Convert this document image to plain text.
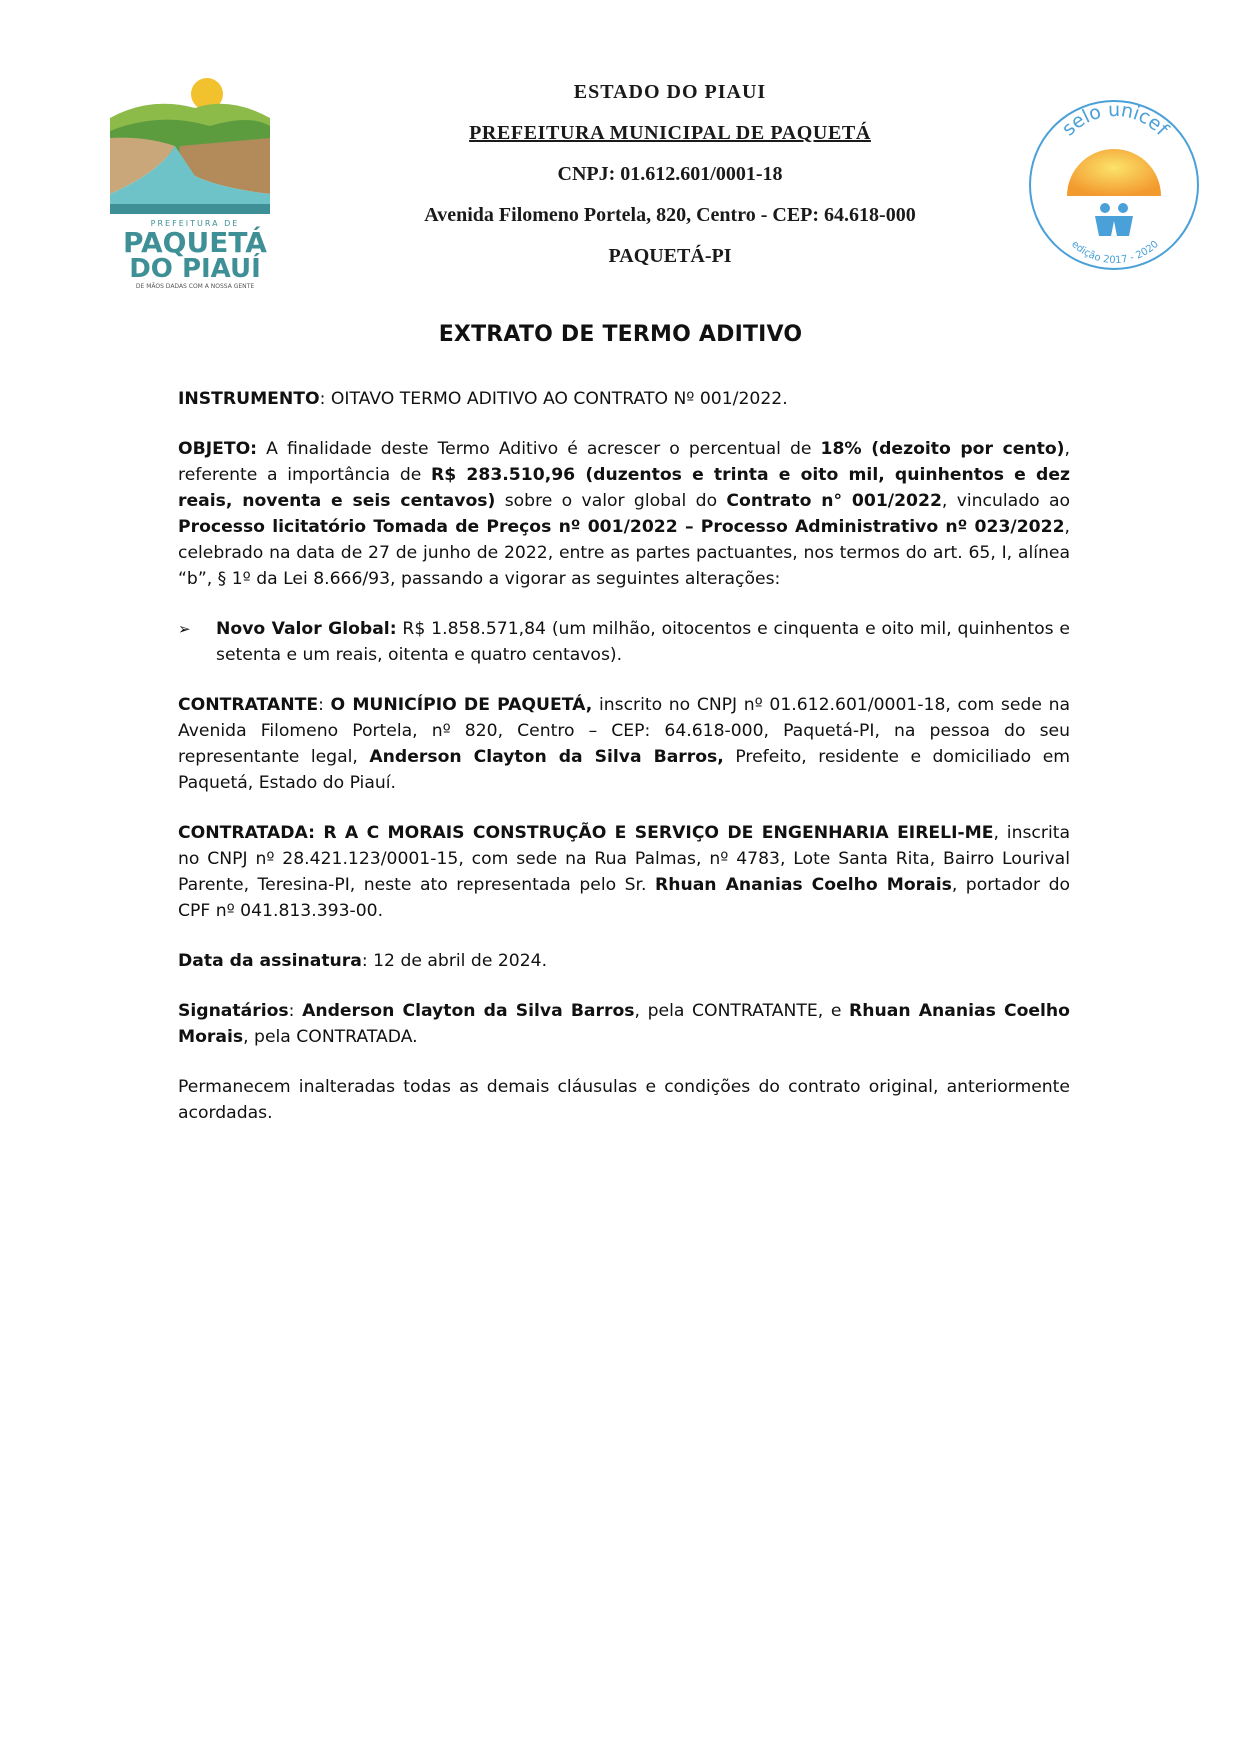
PREFEITURA DE
PAQUETÁ
DO PIAUÍ
DE MÃOS DADAS COM A NOSSA GENTE
ESTADO DO PIAUI
PREFEITURA MUNICIPAL DE PAQUETÁ
CNPJ: 01.612.601/0001-18
Avenida Filomeno Portela, 820, Centro - CEP: 64.618-000
PAQUETÁ-PI
selo unicef
edição 2017 - 2020
EXTRATO DE TERMO ADITIVO

INSTRUMENTO: OITAVO TERMO ADITIVO AO CONTRATO Nº 001/2022.

OBJETO: A finalidade deste Termo Aditivo é acrescer o percentual de 18% (dezoito por cento), referente a importância de R$ 283.510,96 (duzentos e trinta e oito mil, quinhentos e dez reais, noventa e seis centavos) sobre o valor global do Contrato n° 001/2022, vinculado ao Processo licitatório Tomada de Preços nº 001/2022 – Processo Administrativo nº 023/2022, celebrado na data de 27 de junho de 2022, entre as partes pactuantes, nos termos do art. 65, I, alínea “b”, § 1º da Lei 8.666/93, passando a vigorar as seguintes alterações:

➢	Novo Valor Global: R$ 1.858.571,84 (um milhão, oitocentos e cinquenta e oito mil, quinhentos e setenta e um reais, oitenta e quatro centavos).

CONTRATANTE: O MUNICÍPIO DE PAQUETÁ, inscrito no CNPJ nº 01.612.601/0001-18, com sede na Avenida Filomeno Portela, nº 820, Centro – CEP: 64.618-000, Paquetá-PI, na pessoa do seu representante legal, Anderson Clayton da Silva Barros, Prefeito, residente e domiciliado em Paquetá, Estado do Piauí.

CONTRATADA: R A C MORAIS CONSTRUÇÃO E SERVIÇO DE ENGENHARIA EIRELI-ME, inscrita no CNPJ nº 28.421.123/0001-15, com sede na Rua Palmas, nº 4783, Lote Santa Rita, Bairro Lourival Parente, Teresina-PI, neste ato representada pelo Sr. Rhuan Ananias Coelho Morais, portador do CPF nº 041.813.393-00.

Data da assinatura: 12 de abril de 2024.

Signatários: Anderson Clayton da Silva Barros, pela CONTRATANTE, e Rhuan Ananias Coelho Morais, pela CONTRATADA.

Permanecem inalteradas todas as demais cláusulas e condições do contrato original, anteriormente acordadas.
